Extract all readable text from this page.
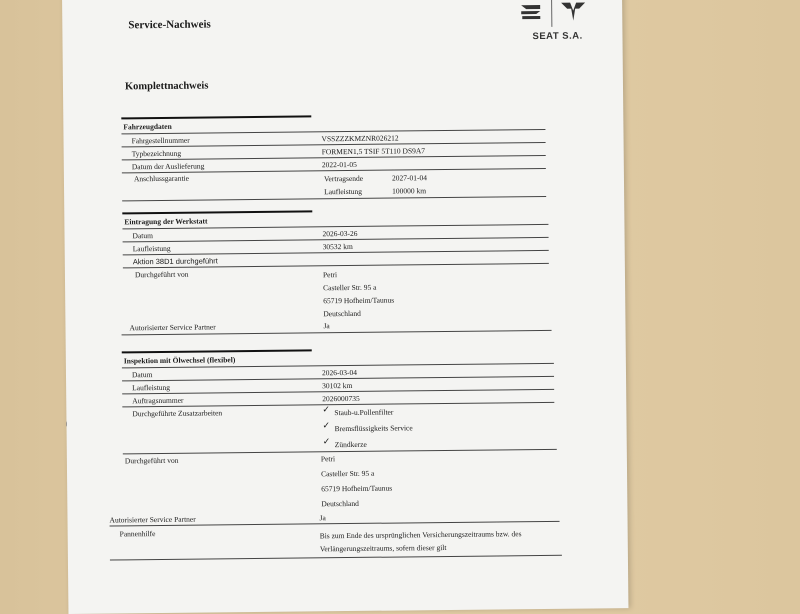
Service-Nachweis
SEAT S.A.
Komplettnachweis
Fahrzeugdaten
Fahrgestellnummer	VSSZZZKMZNR026212
Typbezeichnung	FORMEN1,5 TSIF 5T110 DS9A7
Datum der Auslieferung	2022-01-05
Anschlussgarantie	Vertragsende	2027-01-04
Laufleistung	100000 km
Eintragung der Werkstatt
Datum	2026-03-26
Laufleistung	30532 km
Aktion 38D1 durchgeführt
Durchgeführt von	Petri
Casteller Str. 95 a
65719 Hofheim/Taunus
Deutschland
Autorisierter Service Partner	Ja
Inspektion mit Ölwechsel (flexibel)
Datum	2026-03-04
Laufleistung	30102 km
Auftragsnummer	2026000735
Durchgeführte Zusatzarbeiten	✓ Staub-u.Pollenfilter
✓ Bremsflüssigkeits Service
✓ Zündkerze
Durchgeführt von	Petri
Casteller Str. 95 a
65719 Hofheim/Taunus
Deutschland
Autorisierter Service Partner	Ja
Pannenhilfe	Bis zum Ende des ursprünglichen Versicherungszeitraums bzw. des
Verlängerungszeitraums, sofern dieser gilt
